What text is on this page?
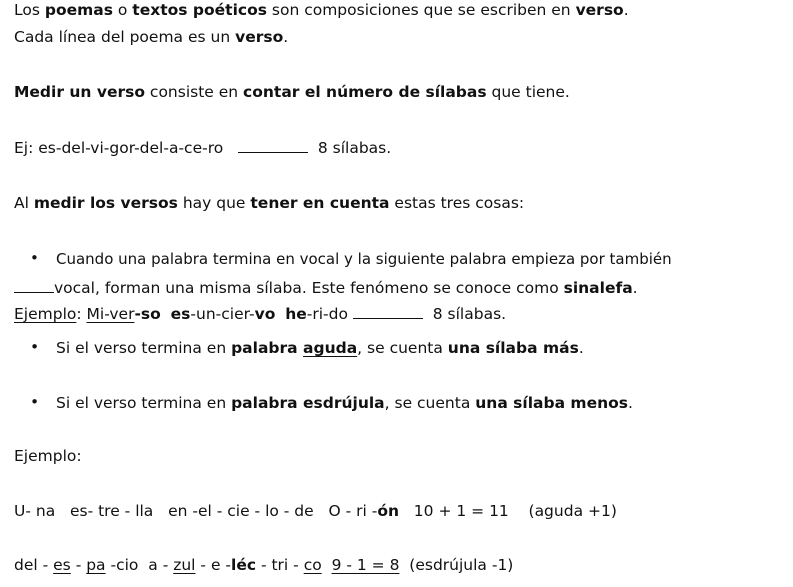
Los poemas o textos poéticos son composiciones que se escriben en verso.
Cada línea del poema es un verso.
Medir un verso consiste en contar el número de sílabas que tiene.
Ej: es-del-vi-gor-del-a-ce-ro	8 sílabas.
Al medir los versos hay que tener en cuenta estas tres cosas:
• Cuando una palabra termina en vocal y la siguiente palabra empieza por también
vocal, forman una misma sílaba. Este fenómeno se conoce como sinalefa.
Ejemplo: Mi-ver-so es-un-cier-vo he-ri-do	8 sílabas.
• Si el verso termina en palabra aguda, se cuenta una sílaba más.
• Si el verso termina en palabra esdrújula, se cuenta una sílaba menos.
Ejemplo:
U- na es- tre - lla en -el - cie - lo - de O - ri -ón 10 + 1 = 11 (aguda +1)
del - es - pa -cio a - zul - e -léc - tri - co 9 - 1 = 8 (esdrújula -1)
